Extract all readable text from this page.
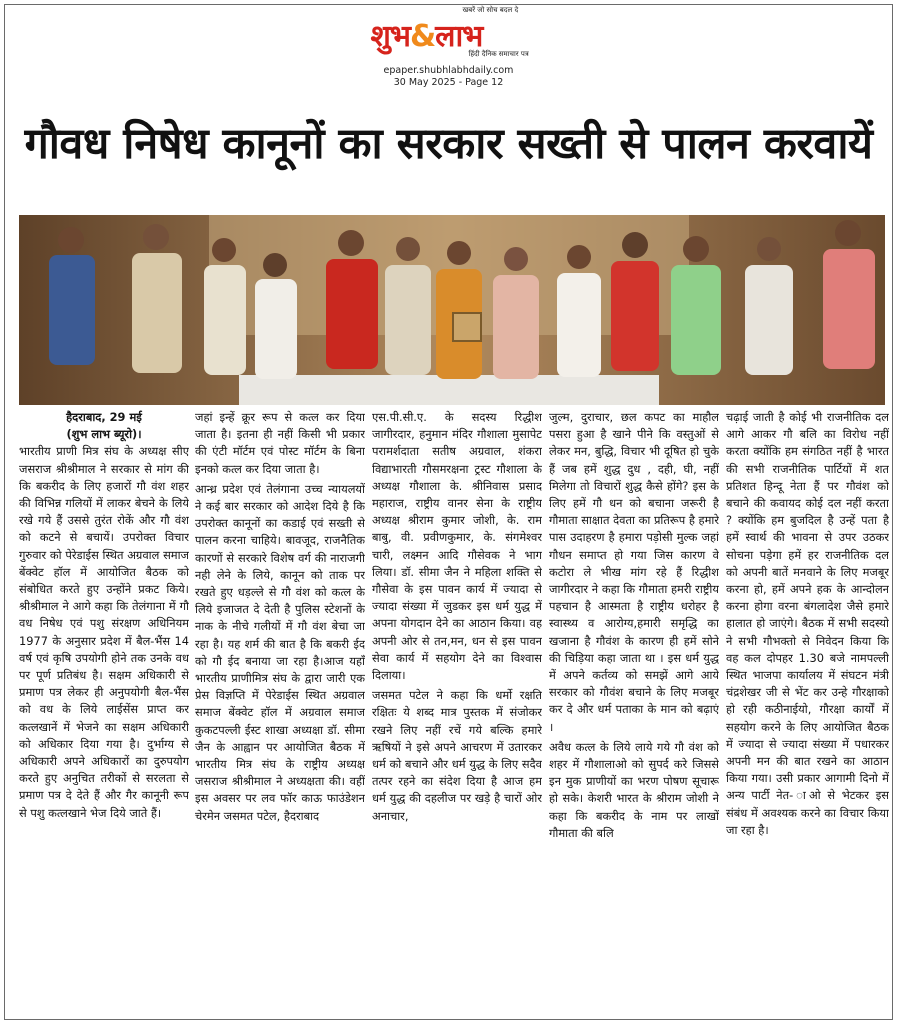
खबरें जो सोच बदल दे
शुभ&लाभ
हिंदी दैनिक समाचार पत्र
epaper.shubhlabhdaily.com
30 May 2025 - Page 12
गौवध निषेध कानूनों का सरकार सख्ती से पालन करवायें

हैदराबाद, 29 मई

(शुभ लाभ ब्यूरो)।

भारतीय प्राणी मित्र संघ के अध्यक्ष सीए जसराज श्रीश्रीमाल ने सरकार से मांग की कि बकरीद के लिए हजारों गौ वंश शहर की विभिन्न गलियों में लाकर बेचने के लिये रखे गये हैं उससे तुरंत रोकें और गौ वंश को कटने से बचायें। उपरोक्त विचार गुरुवार को पेरेडाईस स्थित अग्रवाल समाज बेंक्वेट हॉल में आयोजित बैठक को संबोधित करते हुए उन्होंने प्रकट किये।श्रीश्रीमाल ने आगे कहा कि तेलंगाना में गौ वध निषेध एवं पशु संरक्षण अधिनियम 1977 के अनुसार प्रदेश में बैल-भैंस 14 वर्ष एवं कृषि उपयोगी होने तक उनके वध पर पूर्ण प्रतिबंध है। सक्षम अधिकारी से प्रमाण पत्र लेकर ही अनुपयोगी बैल-भैंस को वध के लिये लाईसेंस प्राप्त कर कत्लखानें में भेजने का सक्षम अधिकारी को अधिकार दिया गया है। दुर्भाग्य से अधिकारी अपने अधिकारों का दुरुपयोग करते हुए अनुचित तरीकों से सरलता से प्रमाण पत्र दे देते हैं और गैर कानूनी रूप से पशु कत्लखाने भेज दिये जाते हैं।

जहां इन्हें क्रूर रूप से कत्ल कर दिया जाता है। इतना ही नहीं किसी भी प्रकार की एंटी मॉर्टम एवं पोस्ट मॉर्टम के बिना इनको कत्ल कर दिया जाता है।

आन्ध्र प्रदेश एवं तेलंगाना उच्च न्यायलयों ने कई बार सरकार को आदेश दिये है कि उपरोक्त कानूनों का कडाई एवं सख्ती से पालन करना चाहिये। बावजूद, राजनैतिक कारणों से सरकारे विशेष वर्ग की नाराजगी नही लेने के लिये, कानून को ताक पर रखते हुए धड़ल्ले से गौ वंश को कत्ल के लिये इजाजत दे देती है पुलिस स्टेशनों के नाक के नीचे गलीयों में गौ वंश बेचा जा रहा है। यह शर्म की बात है कि बकरी ईद को गौ ईद बनाया जा रहा है।आज यहाँ भारतीय प्राणीमित्र संघ के द्वारा जारी एक प्रेस विज्ञप्ति में पेरेडाईस स्थित अग्रवाल समाज बेंक्वेट हॉल में अग्रवाल समाज कुकटपल्ली ईस्ट शाखा अध्यक्षा डॉ. सीमा जैन के आह्वान पर आयोजित बैठक में भारतीय मित्र संघ के राष्ट्रीय अध्यक्ष जसराज श्रीश्रीमाल ने अध्यक्षता की। वहीं इस अवसर पर लव फॉर काऊ फाउंडेशन चेरमेन जसमत पटेल, हैदराबाद

एस.पी.सी.ए. के सदस्य रिद्धीश जागीरदार, हनुमान मंदिर गौशाला मुसापेट परामर्शदाता सतीष अग्रवाल, शंकरा विद्याभारती गौसमरक्षना ट्रस्ट गौशाला के अध्यक्ष गौशाला के. श्रीनिवास प्रसाद महाराज, राष्ट्रीय वानर सेना के राष्ट्रीय अध्यक्ष श्रीराम कुमार जोशी, के. राम बाबु, वी. प्रवीणकुमार, के. संगमेश्वर चारी, लक्ष्मन आदि गौसेवक ने भाग लिया। डॉ. सीमा जैन ने महिला शक्ति से गौसेवा के इस पावन कार्य में ज्यादा से ज्यादा संख्या में जुडकर इस धर्म युद्ध में अपना योगदान देने का आठान किया। वह अपनी ओर से तन,मन, धन से इस पावन सेवा कार्य में सहयोग देने का विश्वास दिलाया।

जसमत पटेल ने कहा कि धर्मो रक्षति रक्षितः ये शब्द मात्र पुस्तक में संजोकर रखने लिए नहीं रचें गये बल्कि हमारे ऋषियों ने इसे अपने आचरण में उतारकर धर्म को बचाने और धर्म युद्ध के लिए सदैव तत्पर रहने का संदेश दिया है आज हम धर्म युद्ध की दहलीज पर खड़े है चारों ओर अनाचार,

जुल्म, दुराचार, छल कपट का माहौल पसरा हुआ है खाने पीने कि वस्तुओं से लेकर मन, बुद्धि, विचार भी दूषित हो चुके हैं जब हमें शुद्ध दुध , दही, घी, नहीं मिलेगा तो विचारों शुद्ध कैसे होंगे? इस के लिए हमें गौ धन को बचाना जरूरी है गौमाता साक्षात देवता का प्रतिरूप है हमारे पास उदाहरण है हमारा पड़ोसी मुल्क जहां गौधन समाप्त हो गया जिस कारण वे कटोरा ले भीख मांग रहे हैं रिद्धीश जागीरदार ने कहा कि गौमाता हमरी राष्ट्रीय पहचान है आस्मता है राष्ट्रीय धरोहर है स्वास्थ्य व आरोग्य,हमारी समृद्धि का खजाना है गौवंश के कारण ही हमें सोने की चिड़िया कहा जाता था । इस धर्म युद्ध में अपने कर्तव्य को समझें आगे आये सरकार को गौवंश बचाने के लिए मजबूर कर दे और धर्म पताका के मान को बढ़ाएं ।

अवैध कत्ल के लिये लाये गये गौ वंश को शहर में गौशालाओ को सुपर्द करे जिससे इन मुक प्राणीयों का भरण पोषण सूचारू हो सके। केशरी भारत के श्रीराम जोशी ने कहा कि बकरीद के नाम पर लाखों गौमाता की बलि

चढ़ाई जाती है कोई भी राजनीतिक दल आगे आकर गौ बलि का विरोध नहीं करता क्योंकि हम संगठित नहीं है भारत की सभी राजनीतिक पार्टियों में शत प्रतिशत हिन्दू नेता हैं पर गौवंश को बचाने की कवायद कोई दल नहीं करता ? क्योंकि हम बुजदिल है उन्हें पता है हमें स्वार्थ की भावना से उपर उठकर सोचना पड़ेगा हमें हर राजनीतिक दल को अपनी बातें मनवाने के लिए मजबूर करना हो, हमें अपने हक के आन्दोलन करना होगा वरना बंगलादेश जैसे हमारे हालात हो जाएंगे। बैठक में सभी सदस्यो ने सभी गौभक्तो से निवेदन किया कि वह कल दोपहर 1.30 बजे नामपल्ली स्थित भाजपा कार्यालय में संघटन मंत्री चंद्रशेखर जी से भेंट कर उन्हे गौरक्षाको हो रही कठीनाईयो, गौरक्षा कार्यों में सहयोग करने के लिए आयोजित बैठक में ज्यादा से ज्यादा संख्या में पधारकर अपनी मन की बात रखने का आठान किया गया। उसी प्रकार आगामी दिनो में अन्य पार्टी नेत- ाओ से भेटकर इस संबंध में अवश्यक करने का विचार किया जा रहा है।
